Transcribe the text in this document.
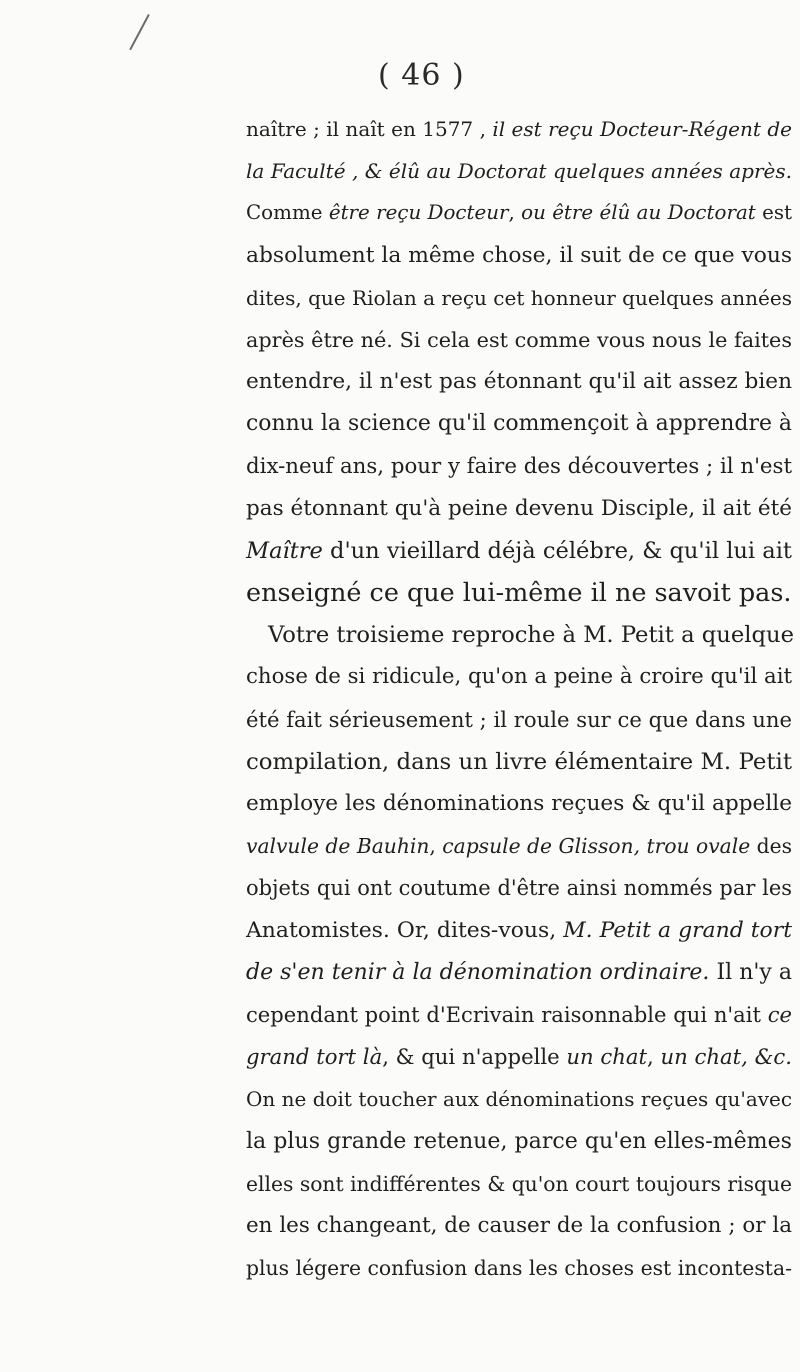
( 46 )
naître ; il naît en 1577 , il est reçu Docteur-Régent de
la Faculté , & élû au Doctorat quelques années après.
Comme être reçu Docteur, ou être élû au Doctorat est
absolument la même chose, il suit de ce que vous
dites, que Riolan a reçu cet honneur quelques années
après être né. Si cela est comme vous nous le faites
entendre, il n'est pas étonnant qu'il ait assez bien
connu la science qu'il commençoit à apprendre à
dix-neuf ans, pour y faire des découvertes ; il n'est
pas étonnant qu'à peine devenu Disciple, il ait été
Maître d'un vieillard déjà célébre, & qu'il lui ait
enseigné ce que lui-même il ne savoit pas.
Votre troisieme reproche à M. Petit a quelque
chose de si ridicule, qu'on a peine à croire qu'il ait
été fait sérieusement ; il roule sur ce que dans une
compilation, dans un livre élémentaire M. Petit
employe les dénominations reçues & qu'il appelle
valvule de Bauhin, capsule de Glisson, trou ovale des
objets qui ont coutume d'être ainsi nommés par les
Anatomistes. Or, dites-vous, M. Petit a grand tort
de s'en tenir à la dénomination ordinaire. Il n'y a
cependant point d'Ecrivain raisonnable qui n'ait ce
grand tort là, & qui n'appelle un chat, un chat, &c.
On ne doit toucher aux dénominations reçues qu'avec
la plus grande retenue, parce qu'en elles-mêmes
elles sont indifférentes & qu'on court toujours risque
en les changeant, de causer de la confusion ; or la
plus légere confusion dans les choses est incontesta-
